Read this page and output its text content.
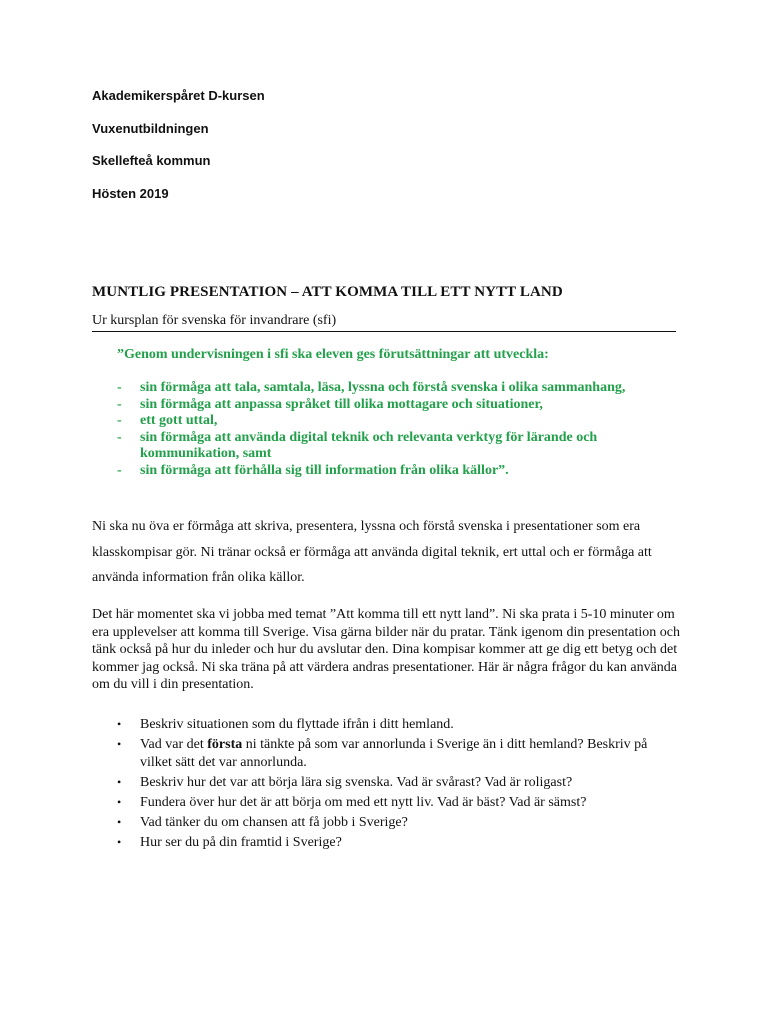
Akademikerspåret D-kursen

Vuxenutbildningen

Skellefteå kommun

Hösten 2019

MUNTLIG PRESENTATION – ATT KOMMA TILL ETT NYTT LAND
Ur kursplan för svenska för invandrare (sfi)
”Genom undervisningen i sfi ska eleven ges förutsättningar att utveckla:
- sin förmåga att tala, samtala, läsa, lyssna och förstå svenska i olika sammanhang,
- sin förmåga att anpassa språket till olika mottagare och situationer,
- ett gott uttal,
- sin förmåga att använda digital teknik och relevanta verktyg för lärande och kommunikation, samt
- sin förmåga att förhålla sig till information från olika källor”.

Ni ska nu öva er förmåga att skriva, presentera, lyssna och förstå svenska i presentationer som era klasskompisar gör. Ni tränar också er förmåga att använda digital teknik, ert uttal och er förmåga att använda information från olika källor.

Det här momentet ska vi jobba med temat ”Att komma till ett nytt land”. Ni ska prata i 5-10 minuter om era upplevelser att komma till Sverige. Visa gärna bilder när du pratar. Tänk igenom din presentation och tänk också på hur du inleder och hur du avslutar den. Dina kompisar kommer att ge dig ett betyg och det kommer jag också. Ni ska träna på att värdera andras presentationer. Här är några frågor du kan använda om du vill i din presentation.

• Beskriv situationen som du flyttade ifrån i ditt hemland.
• Vad var det första ni tänkte på som var annorlunda i Sverige än i ditt hemland? Beskriv på vilket sätt det var annorlunda.
• Beskriv hur det var att börja lära sig svenska. Vad är svårast? Vad är roligast?
• Fundera över hur det är att börja om med ett nytt liv. Vad är bäst? Vad är sämst?
• Vad tänker du om chansen att få jobb i Sverige?
• Hur ser du på din framtid i Sverige?
